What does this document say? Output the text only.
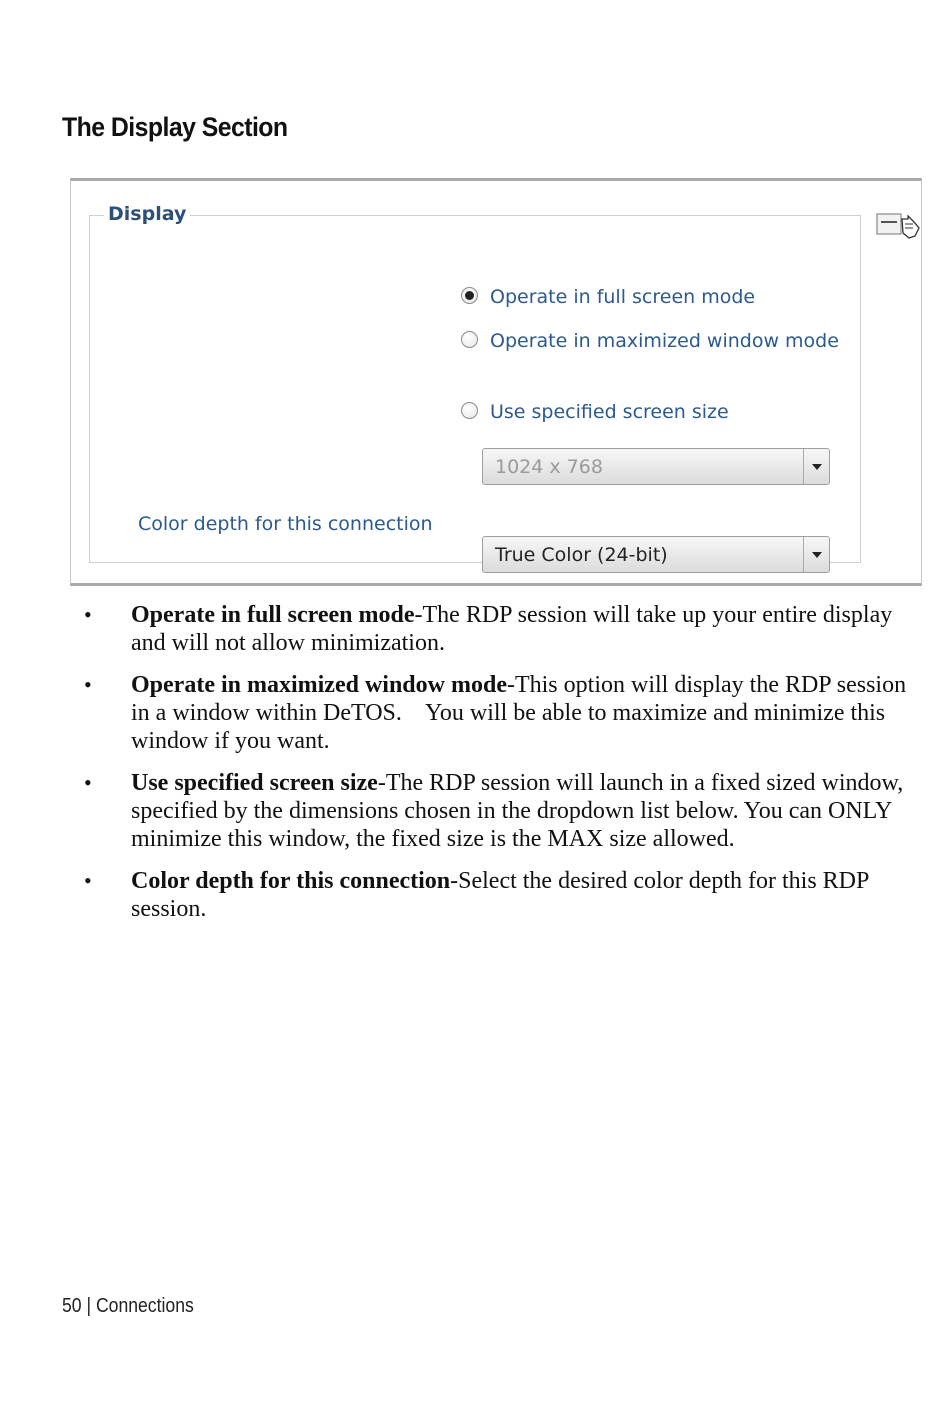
The Display Section
Display
Operate in full screen mode
Operate in maximized window mode
Use specified screen size
1024 x 768
Color depth for this connection
True Color (24-bit)
• Operate in full screen mode-The RDP session will take up your entire display and will not allow minimization.
• Operate in maximized window mode-This option will display the RDP session in a window within DeTOS.    You will be able to maximize and minimize this window if you want.
• Use specified screen size-The RDP session will launch in a fixed sized window, specified by the dimensions chosen in the dropdown list below. You can ONLY minimize this window, the fixed size is the MAX size allowed.
• Color depth for this connection-Select the desired color depth for this RDP session.
50 | Connections
